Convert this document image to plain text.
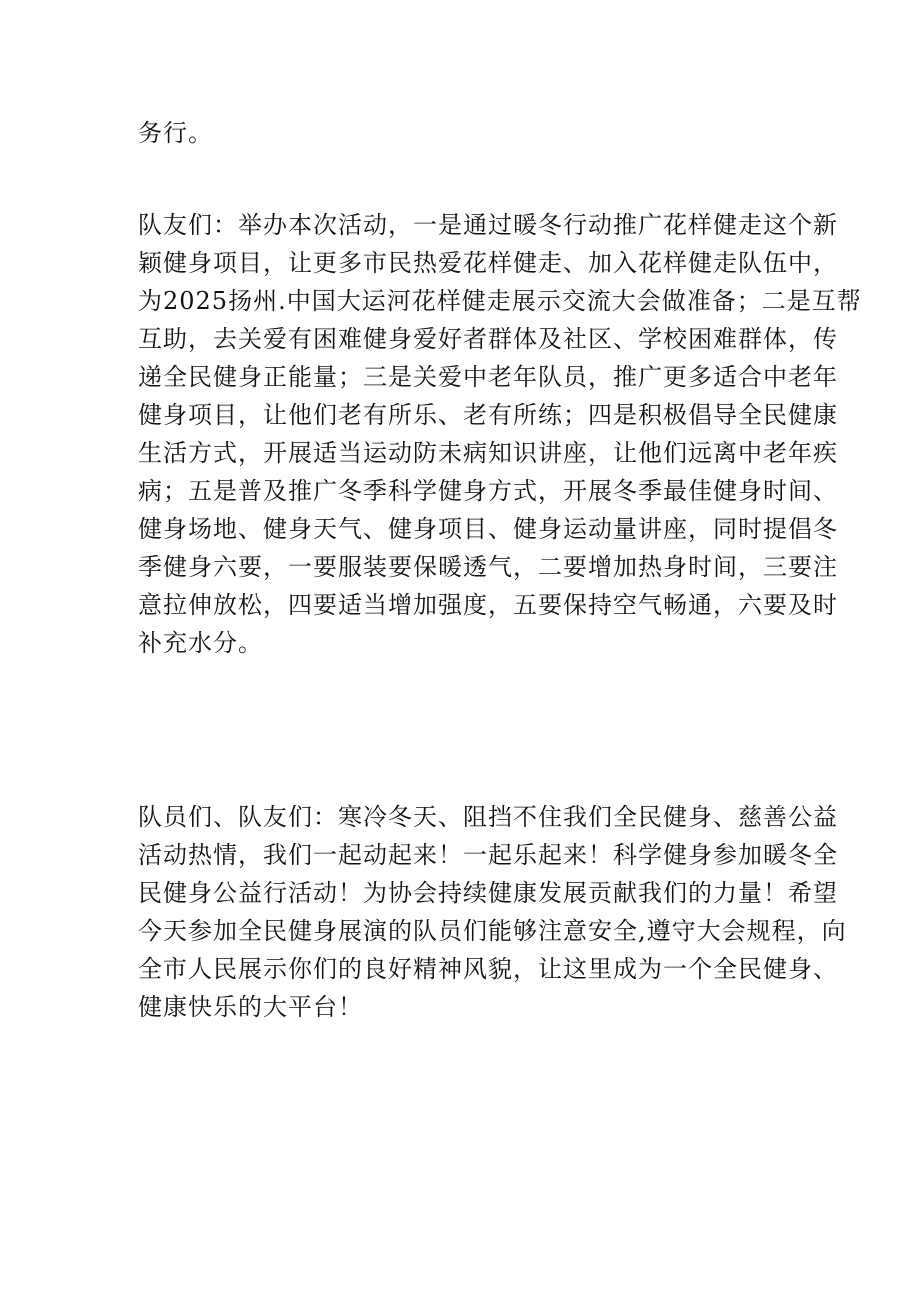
务行。
队友们：举办本次活动，一是通过暖冬行动推广花样健走这个新
颖健身项目，让更多市民热爱花样健走、加入花样健走队伍中，
为2025扬州.中国大运河花样健走展示交流大会做准备；二是互帮
互助，去关爱有困难健身爱好者群体及社区、学校困难群体，传
递全民健身正能量；三是关爱中老年队员，推广更多适合中老年
健身项目，让他们老有所乐、老有所练；四是积极倡导全民健康
生活方式，开展适当运动防未病知识讲座，让他们远离中老年疾
病；五是普及推广冬季科学健身方式，开展冬季最佳健身时间、
健身场地、健身天气、健身项目、健身运动量讲座，同时提倡冬
季健身六要，一要服装要保暖透气，二要增加热身时间，三要注
意拉伸放松，四要适当增加强度，五要保持空气畅通，六要及时
补充水分。
队员们、队友们：寒冷冬天、阻挡不住我们全民健身、慈善公益
活动热情，我们一起动起来！一起乐起来！科学健身参加暖冬全
民健身公益行活动！为协会持续健康发展贡献我们的力量！希望
今天参加全民健身展演的队员们能够注意安全,遵守大会规程，向
全市人民展示你们的良好精神风貌，让这里成为一个全民健身、
健康快乐的大平台！
